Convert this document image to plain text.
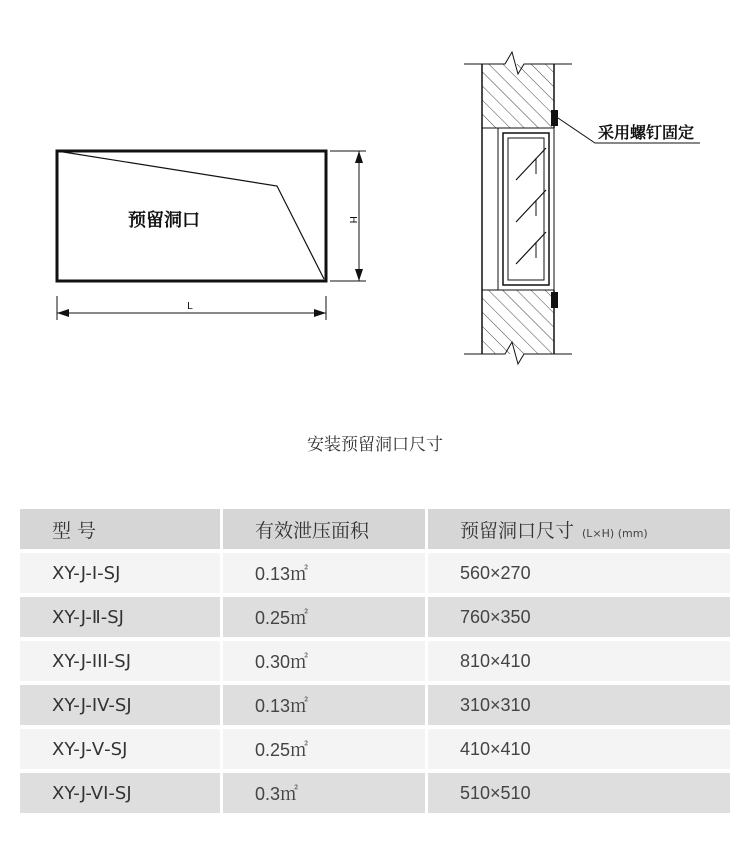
预留洞口	H
L
采用螺钉固定
安装预留洞口尺寸
型 号	有效泄压面积	预留洞口尺寸 (L×H) (mm)
XY-J-Ⅰ-SJ	0.13㎡	560×270
XY-J-Ⅱ-SJ	0.25㎡	760×350
XY-J-III-SJ	0.30㎡	810×410
XY-J-IV-SJ	0.13㎡	310×310
XY-J-Ⅴ-SJ	0.25㎡	410×410
XY-J-VI-SJ	0.3㎡	510×510
